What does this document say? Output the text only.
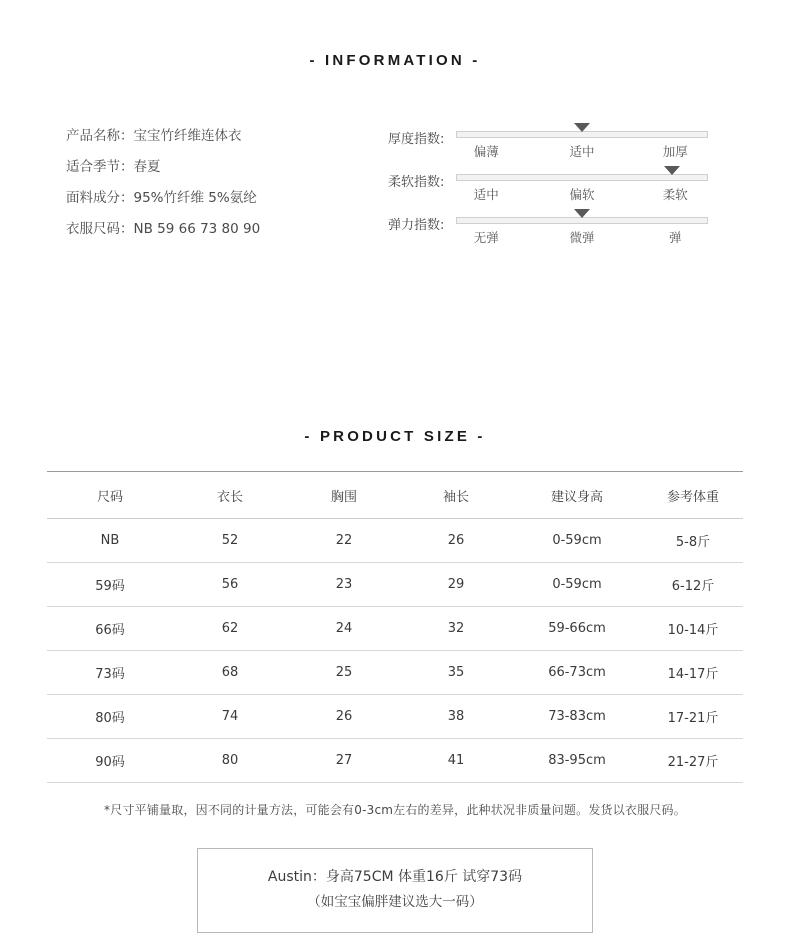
- INFORMATION -
产品名称：宝宝竹纤维连体衣
适合季节：春夏
面料成分：95%竹纤维 5%氨纶
衣服尺码：NB 59 66 73 80 90
厚度指数:
偏薄	适中	加厚
柔软指数:
适中	偏软	柔软
弹力指数:
无弹	微弹	弹
- PRODUCT SIZE -
尺码	衣长	胸围	袖长	建议身高	参考体重
NB	52	22	26	0-59cm	5-8斤
59码	56	23	29	0-59cm	6-12斤
66码	62	24	32	59-66cm	10-14斤
73码	68	25	35	66-73cm	14-17斤
80码	74	26	38	73-83cm	17-21斤
90码	80	27	41	83-95cm	21-27斤
*尺寸平铺量取，因不同的计量方法，可能会有0-3cm左右的差异，此种状况非质量问题。发货以衣服尺码。
Austin：身高75CM 体重16斤 试穿73码
（如宝宝偏胖建议选大一码）
